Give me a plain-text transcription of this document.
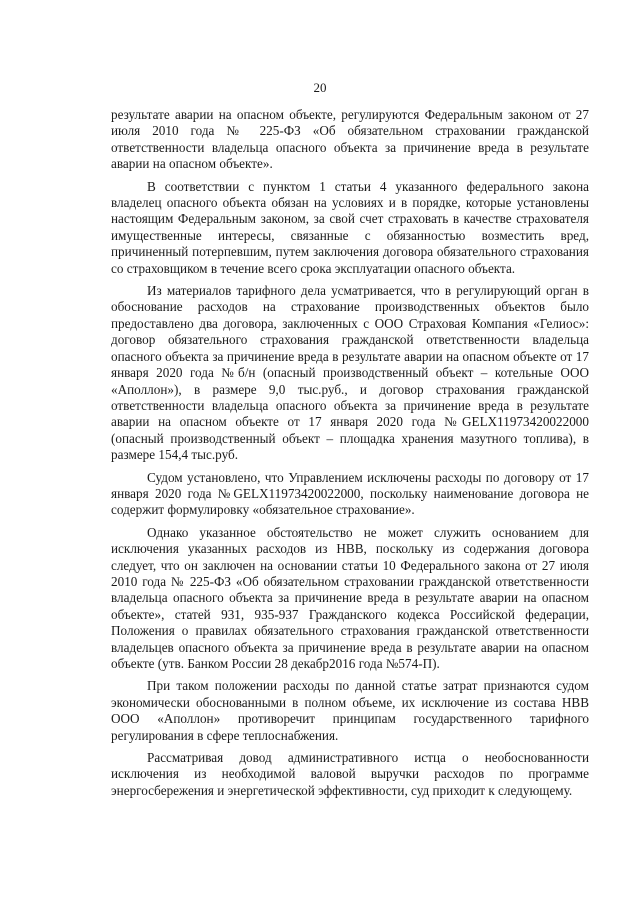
20

результате аварии на опасном объекте, регулируются Федеральным законом от 27 июля 2010 года № 225-ФЗ «Об обязательном страховании гражданской ответственности владельца опасного объекта за причинение вреда в результате аварии на опасном объекте».

В соответствии с пунктом 1 статьи 4 указанного федерального закона владелец опасного объекта обязан на условиях и в порядке, которые установлены настоящим Федеральным законом, за свой счет страховать в качестве страхователя имущественные интересы, связанные с обязанностью возместить вред, причиненный потерпевшим, путем заключения договора обязательного страхования со страховщиком в течение всего срока эксплуатации опасного объекта.

Из материалов тарифного дела усматривается, что в регулирующий орган в обоснование расходов на страхование производственных объектов было предоставлено два договора, заключенных с ООО Страховая Компания «Гелиос»: договор обязательного страхования гражданской ответственности владельца опасного объекта за причинение вреда в результате аварии на опасном объекте от 17 января 2020 года №б/н (опасный производственный объект – котельные ООО «Аполлон»), в размере 9,0 тыс.руб., и договор страхования гражданской ответственности владельца опасного объекта за причинение вреда в результате аварии на опасном объекте от 17 января 2020 года №GELX11973420022000 (опасный производственный объект – площадка хранения мазутного топлива), в размере 154,4 тыс.руб.

Судом установлено, что Управлением исключены расходы по договору от 17 января 2020 года №GELX11973420022000, поскольку наименование договора не содержит формулировку «обязательное страхование».

Однако указанное обстоятельство не может служить основанием для исключения указанных расходов из НВВ, поскольку из содержания договора следует, что он заключен на основании статьи 10 Федерального закона от 27 июля 2010 года № 225-ФЗ «Об обязательном страховании гражданской ответственности владельца опасного объекта за причинение вреда в результате аварии на опасном объекте», статей 931, 935-937 Гражданского кодекса Российской федерации, Положения о правилах обязательного страхования гражданской ответственности владельцев опасного объекта за причинение вреда в результате аварии на опасном объекте (утв. Банком России 28 декабр2016 года №574-П).

При таком положении расходы по данной статье затрат признаются судом экономически обоснованными в полном объеме, их исключение из состава НВВ ООО «Аполлон» противоречит принципам государственного тарифного регулирования в сфере теплоснабжения.

Рассматривая довод административного истца о необоснованности исключения из необходимой валовой выручки расходов по программе энергосбережения и энергетической эффективности, суд приходит к следующему.
